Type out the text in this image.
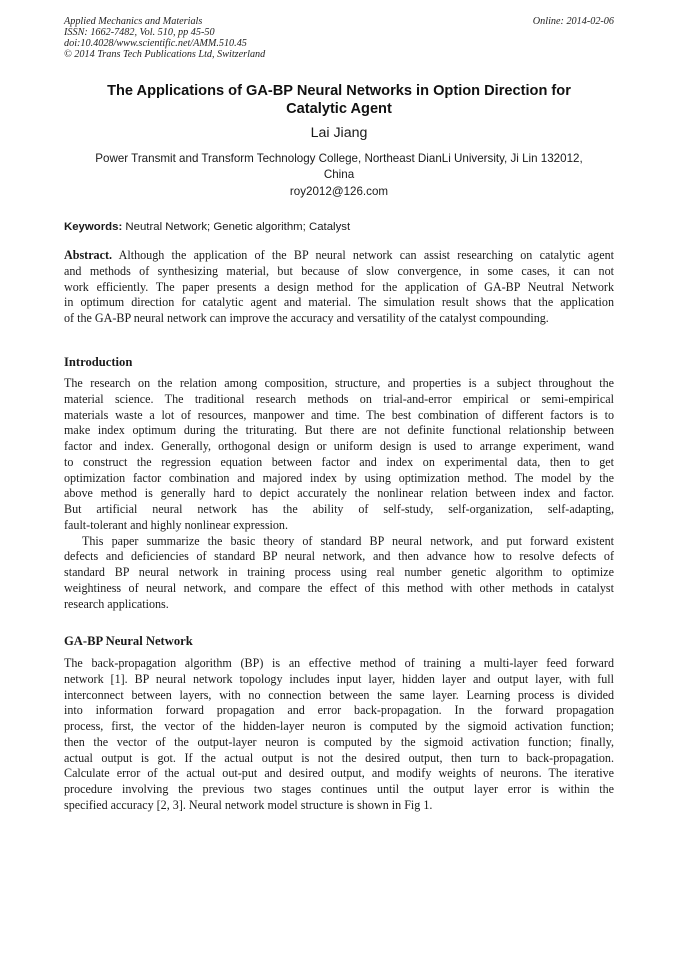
Applied Mechanics and Materials
ISSN: 1662-7482, Vol. 510, pp 45-50
doi:10.4028/www.scientific.net/AMM.510.45
© 2014 Trans Tech Publications Ltd, Switzerland
Online: 2014-02-06
The Applications of GA-BP Neural Networks in Option Direction for
Catalytic Agent
Lai Jiang
Power Transmit and Transform Technology College, Northeast DianLi University, Ji Lin 132012,
China
roy2012@126.com
Keywords: Neutral Network; Genetic algorithm; Catalyst
Abstract. Although the application of the BP neural network can assist researching on catalytic agent
and methods of synthesizing material, but because of slow convergence, in some cases, it can not
work efficiently. The paper presents a design method for the application of GA-BP Neutral Network
in optimum direction for catalytic agent and material. The simulation result shows that the application
of the GA-BP neural network can improve the accuracy and versatility of the catalyst compounding.
Introduction
The research on the relation among composition, structure, and properties is a subject throughout the
material science. The traditional research methods on trial-and-error empirical or semi-empirical
materials waste a lot of resources, manpower and time. The best combination of different factors is to
make index optimum during the triturating. But there are not definite functional relationship between
factor and index. Generally, orthogonal design or uniform design is used to arrange experiment, wand
to construct the regression equation between factor and index on experimental data, then to get
optimization factor combination and majored index by using optimization method. The model by the
above method is generally hard to depict accurately the nonlinear relation between index and factor.
But artificial neural network has the ability of self-study, self-organization, self-adapting,
fault-tolerant and highly nonlinear expression.
This paper summarize the basic theory of standard BP neural network, and put forward existent
defects and deficiencies of standard BP neural network, and then advance how to resolve defects of
standard BP neural network in training process using real number genetic algorithm to optimize
weightiness of neural network, and compare the effect of this method with other methods in catalyst
research applications.
GA-BP Neural Network
The back-propagation algorithm (BP) is an effective method of training a multi-layer feed forward
network [1]. BP neural network topology includes input layer, hidden layer and output layer, with full
interconnect between layers, with no connection between the same layer. Learning process is divided
into information forward propagation and error back-propagation. In the forward propagation
process, first, the vector of the hidden-layer neuron is computed by the sigmoid activation function;
then the vector of the output-layer neuron is computed by the sigmoid activation function; finally,
actual output is got. If the actual output is not the desired output, then turn to back-propagation.
Calculate error of the actual out-put and desired output, and modify weights of neurons. The iterative
procedure involving the previous two stages continues until the output layer error is within the
specified accuracy [2, 3]. Neural network model structure is shown in Fig 1.
